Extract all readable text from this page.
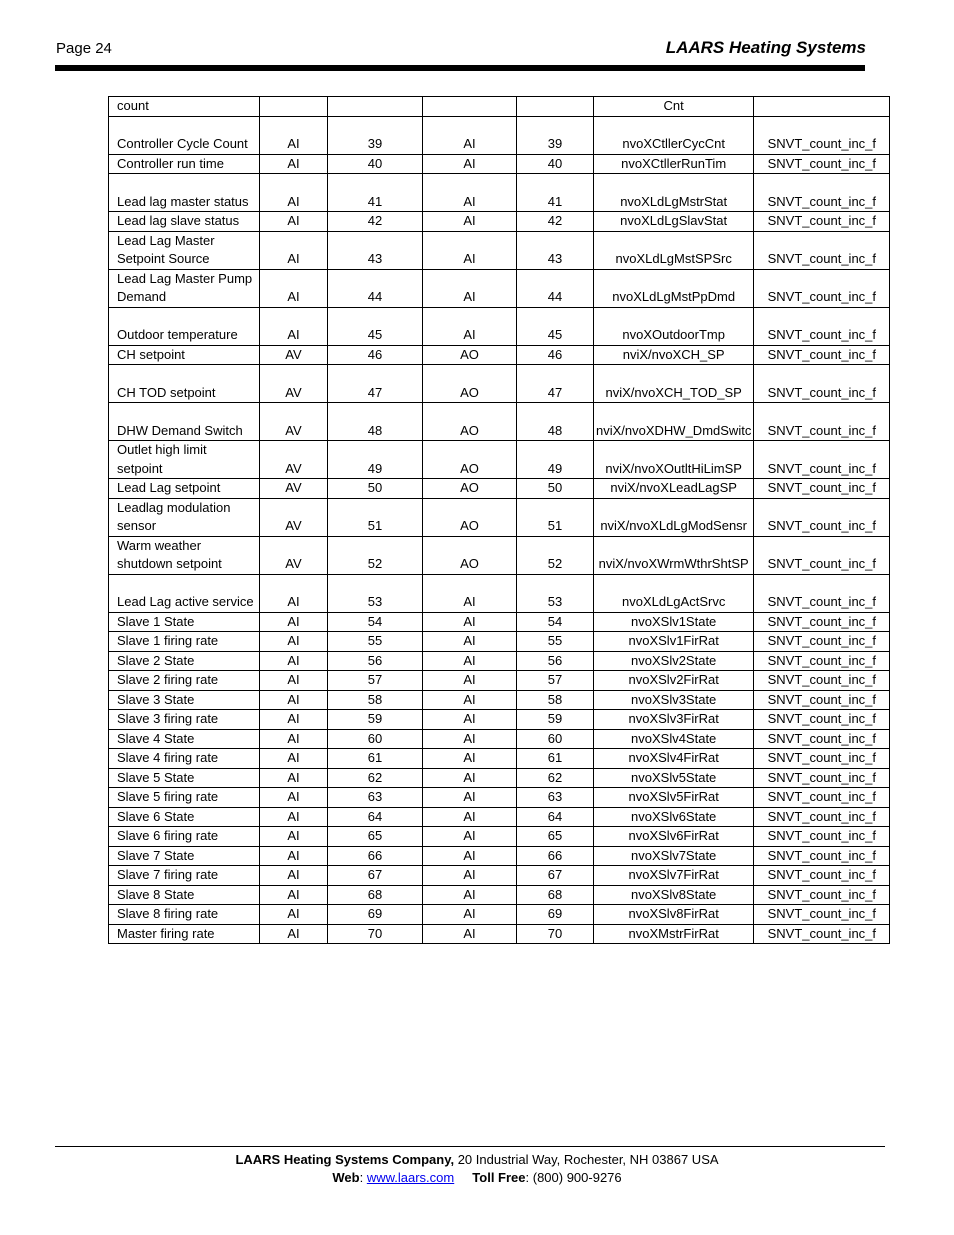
Page 24	LAARS Heating Systems
count					Cnt	
Controller Cycle Count	AI	39	AI	39	nvoXCtllerCycCnt	SNVT_count_inc_f
Controller run time	AI	40	AI	40	nvoXCtllerRunTim	SNVT_count_inc_f
Lead lag master status	AI	41	AI	41	nvoXLdLgMstrStat	SNVT_count_inc_f
Lead lag slave status	AI	42	AI	42	nvoXLdLgSlavStat	SNVT_count_inc_f
Lead Lag Master Setpoint Source	AI	43	AI	43	nvoXLdLgMstSPSrc	SNVT_count_inc_f
Lead Lag Master Pump Demand	AI	44	AI	44	nvoXLdLgMstPpDmd	SNVT_count_inc_f
Outdoor temperature	AI	45	AI	45	nvoXOutdoorTmp	SNVT_count_inc_f
CH setpoint	AV	46	AO	46	nviX/nvoXCH_SP	SNVT_count_inc_f
CH TOD setpoint	AV	47	AO	47	nviX/nvoXCH_TOD_SP	SNVT_count_inc_f
DHW Demand Switch	AV	48	AO	48	nviX/nvoXDHW_DmdSwitc	SNVT_count_inc_f
Outlet high limit setpoint	AV	49	AO	49	nviX/nvoXOutltHiLimSP	SNVT_count_inc_f
Lead Lag setpoint	AV	50	AO	50	nviX/nvoXLeadLagSP	SNVT_count_inc_f
Leadlag modulation sensor	AV	51	AO	51	nviX/nvoXLdLgModSensr	SNVT_count_inc_f
Warm weather shutdown setpoint	AV	52	AO	52	nviX/nvoXWrmWthrShtSP	SNVT_count_inc_f
Lead Lag active service	AI	53	AI	53	nvoXLdLgActSrvc	SNVT_count_inc_f
Slave 1 State	AI	54	AI	54	nvoXSlv1State	SNVT_count_inc_f
Slave 1 firing rate	AI	55	AI	55	nvoXSlv1FirRat	SNVT_count_inc_f
Slave 2 State	AI	56	AI	56	nvoXSlv2State	SNVT_count_inc_f
Slave 2 firing rate	AI	57	AI	57	nvoXSlv2FirRat	SNVT_count_inc_f
Slave 3 State	AI	58	AI	58	nvoXSlv3State	SNVT_count_inc_f
Slave 3 firing rate	AI	59	AI	59	nvoXSlv3FirRat	SNVT_count_inc_f
Slave 4 State	AI	60	AI	60	nvoXSlv4State	SNVT_count_inc_f
Slave 4 firing rate	AI	61	AI	61	nvoXSlv4FirRat	SNVT_count_inc_f
Slave 5 State	AI	62	AI	62	nvoXSlv5State	SNVT_count_inc_f
Slave 5 firing rate	AI	63	AI	63	nvoXSlv5FirRat	SNVT_count_inc_f
Slave 6 State	AI	64	AI	64	nvoXSlv6State	SNVT_count_inc_f
Slave 6 firing rate	AI	65	AI	65	nvoXSlv6FirRat	SNVT_count_inc_f
Slave 7 State	AI	66	AI	66	nvoXSlv7State	SNVT_count_inc_f
Slave 7 firing rate	AI	67	AI	67	nvoXSlv7FirRat	SNVT_count_inc_f
Slave 8 State	AI	68	AI	68	nvoXSlv8State	SNVT_count_inc_f
Slave 8 firing rate	AI	69	AI	69	nvoXSlv8FirRat	SNVT_count_inc_f
Master firing rate	AI	70	AI	70	nvoXMstrFirRat	SNVT_count_inc_f
LAARS Heating Systems Company, 20 Industrial Way, Rochester, NH 03867 USA
Web: www.laars.com Toll Free: (800) 900-9276
